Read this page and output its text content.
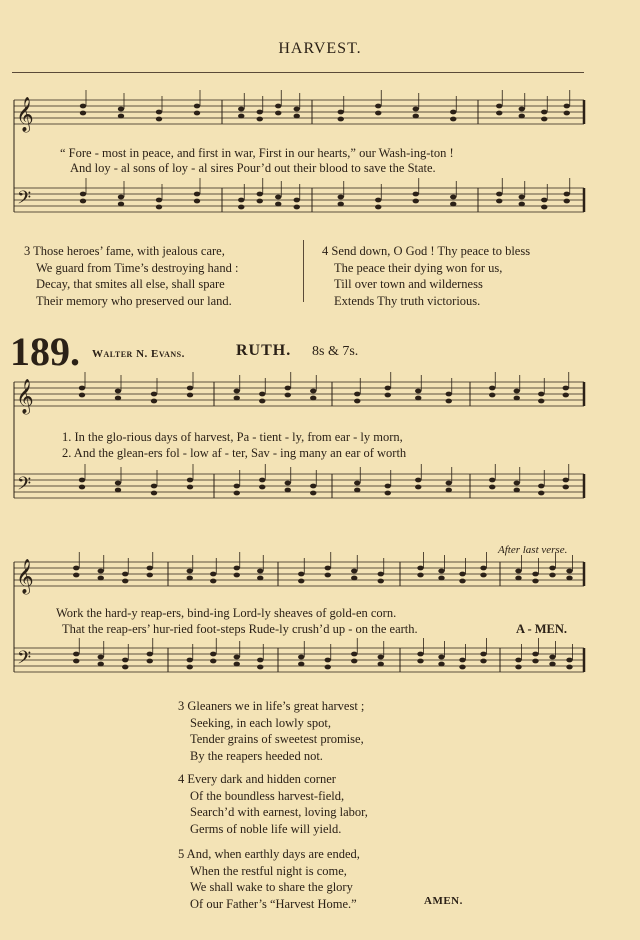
HARVEST.
𝄞
𝄢
𝄞
𝄢
𝄞
𝄢
“ Fore - most in peace, and first in war, First in our hearts,” our Wash-ing-ton !
And loy - al sons of loy - al sires Pour’d out their blood to save the State.
3 Those heroes’ fame, with jealous care,
We guard from Time’s destroying hand :
Decay, that smites all else, shall spare
Their memory who preserved our land.
4 Send down, O God ! Thy peace to bless
The peace their dying won for us,
Till over town and wilderness
Extends Thy truth victorious.
189. Walter N. Evans.	RUTH. 8s & 7s.
1. In the glo-rious days of harvest, Pa - tient - ly, from ear - ly morn,
2. And the glean-ers fol - low af - ter, Sav - ing many an ear of worth
After last verse.
Work the hard-y reap-ers, bind-ing Lord-ly sheaves of gold-en corn.
That the reap-ers’ hur-ried foot-steps Rude-ly crush’d up - on the earth.	A - MEN.
3 Gleaners we in life’s great harvest ;
Seeking, in each lowly spot,
Tender grains of sweetest promise,
By the reapers heeded not.
4 Every dark and hidden corner
Of the boundless harvest-field,
Search’d with earnest, loving labor,
Germs of noble life will yield.
5 And, when earthly days are ended,
When the restful night is come,
We shall wake to share the glory
Of our Father’s “Harvest Home.”	AMEN.
